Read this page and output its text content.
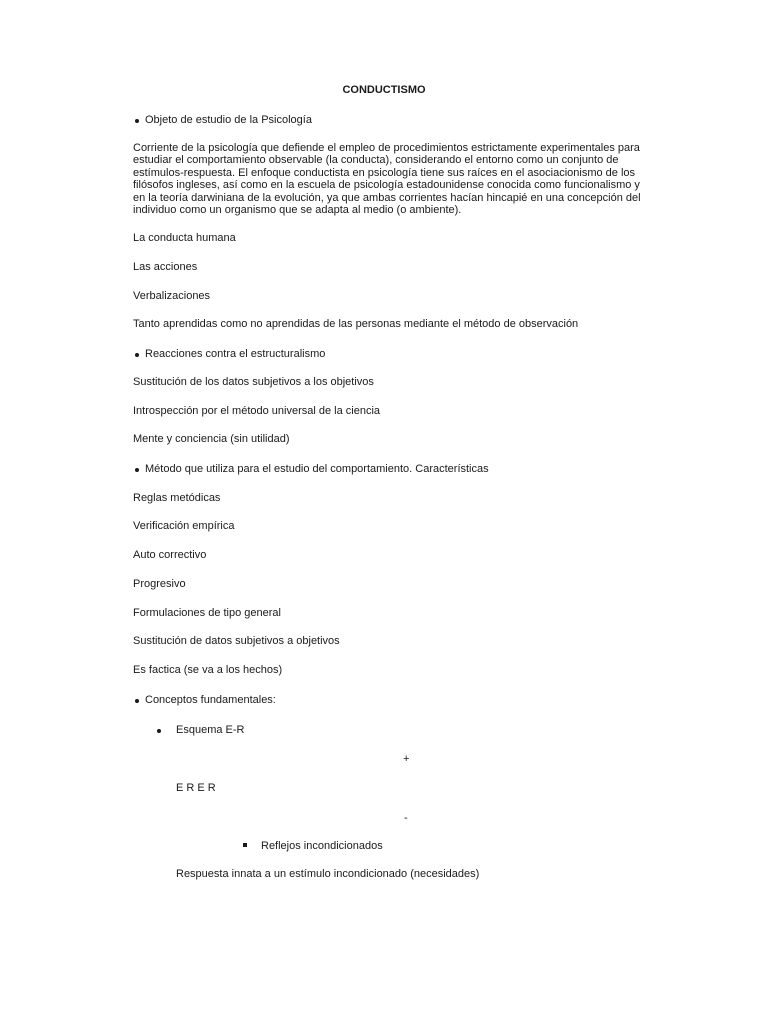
CONDUCTISMO
Objeto de estudio de la Psicología
Corriente de la psicología que defiende el empleo de procedimientos estrictamente experimentales para
estudiar el comportamiento observable (la conducta), considerando el entorno como un conjunto de
estímulos-respuesta. El enfoque conductista en psicología tiene sus raíces en el asociacionismo de los
filósofos ingleses, así como en la escuela de psicología estadounidense conocida como funcionalismo y
en la teoría darwiniana de la evolución, ya que ambas corrientes hacían hincapié en una concepción del
individuo como un organismo que se adapta al medio (o ambiente).
La conducta humana
Las acciones
Verbalizaciones
Tanto aprendidas como no aprendidas de las personas mediante el método de observación
Reacciones contra el estructuralismo
Sustitución de los datos subjetivos a los objetivos
Introspección por el método universal de la ciencia
Mente y conciencia (sin utilidad)
Método que utiliza para el estudio del comportamiento. Características
Reglas metódicas
Verificación empírica
Auto correctivo
Progresivo
Formulaciones de tipo general
Sustitución de datos subjetivos a objetivos
Es factica (se va a los hechos)
Conceptos fundamentales:
Esquema E-R
+
E R E R
-
Reflejos incondicionados
Respuesta innata a un estímulo incondicionado (necesidades)
